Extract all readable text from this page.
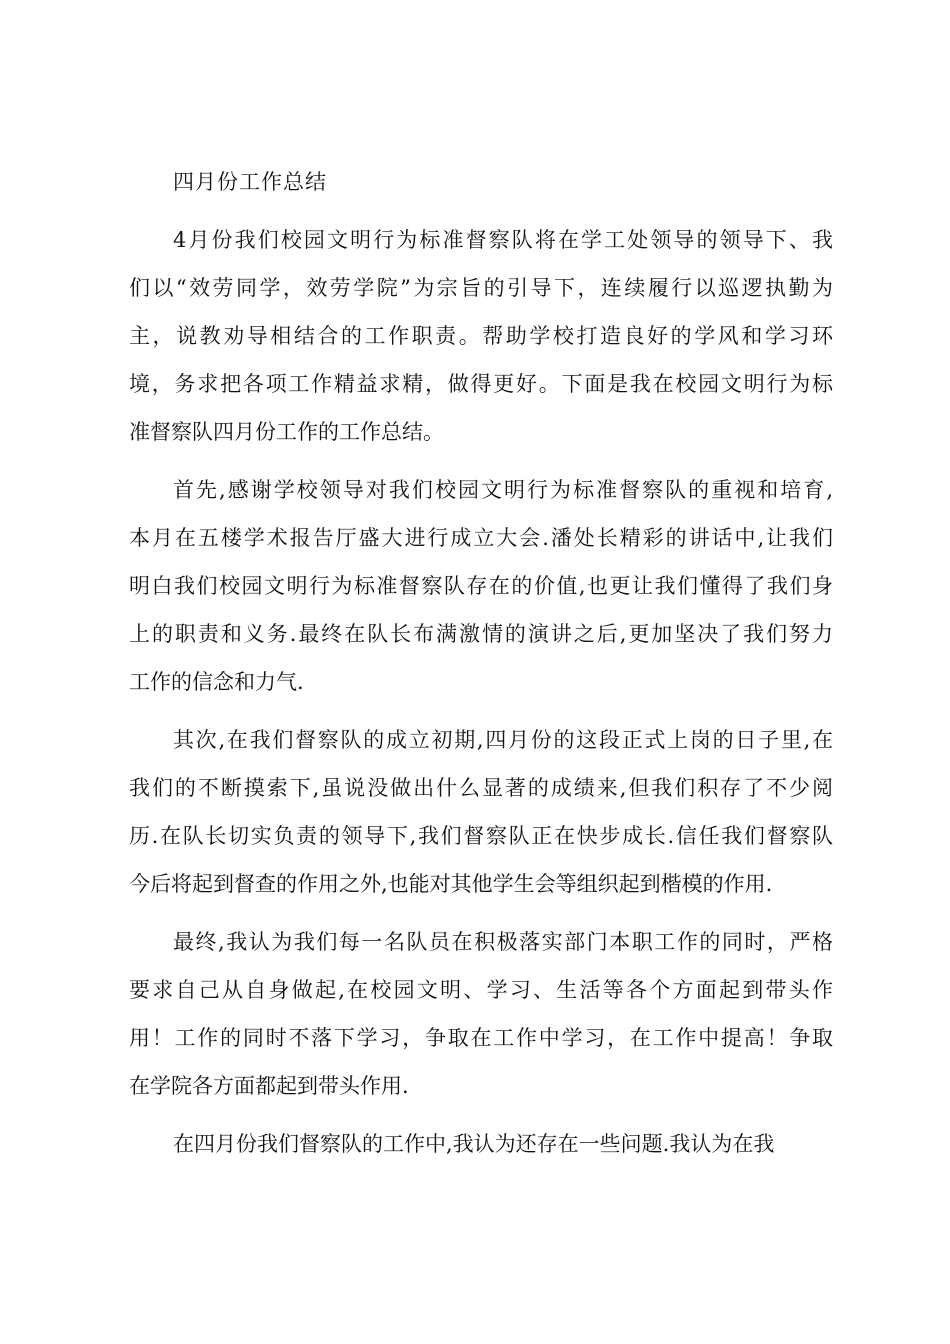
四月份工作总结

4月份我们校园文明行为标准督察队将在学工处领导的领导下、我
们以“效劳同学，效劳学院”为宗旨的引导下，连续履行以巡逻执勤为
主，说教劝导相结合的工作职责。帮助学校打造良好的学风和学习环
境，务求把各项工作精益求精，做得更好。下面是我在校园文明行为标
准督察队四月份工作的工作总结。
首先,感谢学校领导对我们校园文明行为标准督察队的重视和培育,
本月在五楼学术报告厅盛大进行成立大会.潘处长精彩的讲话中,让我们
明白我们校园文明行为标准督察队存在的价值,也更让我们懂得了我们身
上的职责和义务.最终在队长布满激情的演讲之后,更加坚决了我们努力
工作的信念和力气.
其次,在我们督察队的成立初期,四月份的这段正式上岗的日子里,在
我们的不断摸索下,虽说没做出什么显著的成绩来,但我们积存了不少阅
历.在队长切实负责的领导下,我们督察队正在快步成长.信任我们督察队
今后将起到督查的作用之外,也能对其他学生会等组织起到楷模的作用.
最终,我认为我们每一名队员在积极落实部门本职工作的同时，严格
要求自己从自身做起,在校园文明、学习、生活等各个方面起到带头作
用！工作的同时不落下学习，争取在工作中学习，在工作中提高！争取
在学院各方面都起到带头作用.
在四月份我们督察队的工作中,我认为还存在一些问题.我认为在我
